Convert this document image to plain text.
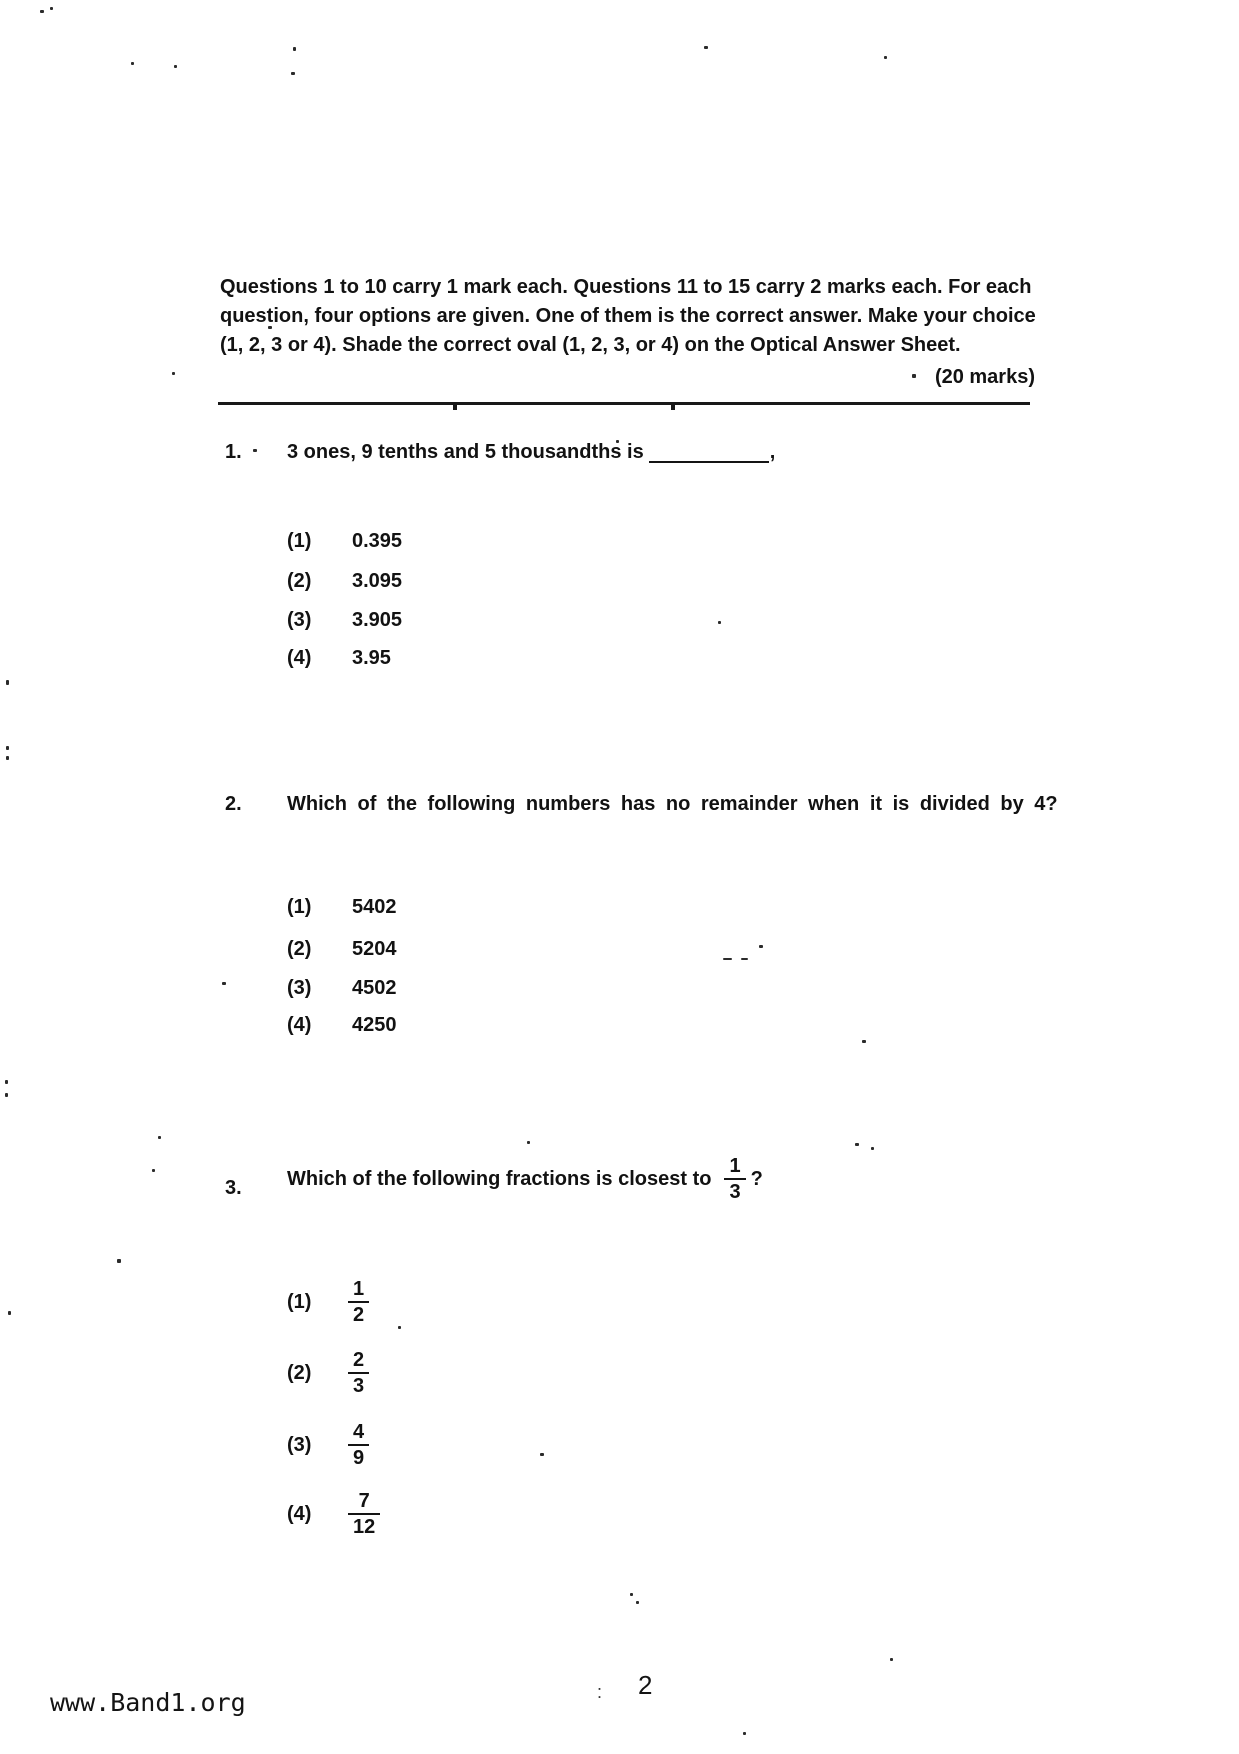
Questions 1 to 10 carry 1 mark each. Questions 11 to 15 carry 2 marks each. For each
question, four options are given. One of them is the correct answer. Make your choice
(1, 2, 3 or 4). Shade the correct oval (1, 2, 3, or 4) on the Optical Answer Sheet.
(20 marks)
1. 3 ones, 9 tenths and 5 thousandths is	,
(1) 0.395
(2) 3.095
(3) 3.905
(4) 3.95
2. Which of the following numbers has no remainder when it is divided by 4?
(1) 5402
(2) 5204
(3) 4502
(4) 4250
3. Which of the following fractions is closest to $\frac{1}{3}$ ?
(1)	$\frac{1}{2}$
(2)	$\frac{2}{3}$
(3)	$\frac{4}{9}$
(4)	$\frac{7}{12}$
www.Band1.org	: 2
